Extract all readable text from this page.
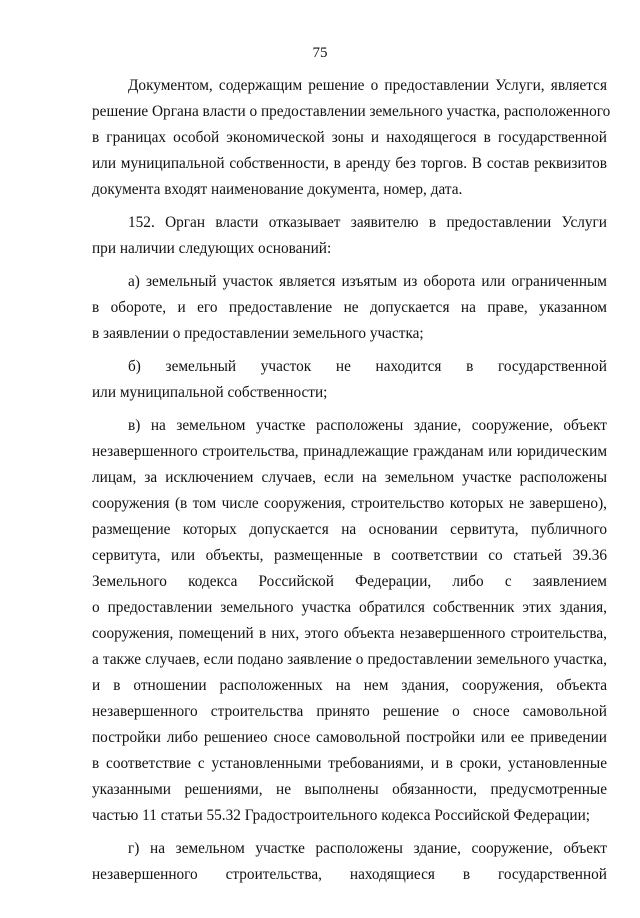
75
Документом, содержащим решение о предоставлении Услуги, является
решение Органа власти о предоставлении земельного участка, расположенного
в границах особой экономической зоны и находящегося в государственной
или муниципальной собственности, в аренду без торгов. В состав реквизитов
документа входят наименование документа, номер, дата.
152. Орган власти отказывает заявителю в предоставлении Услуги
при наличии следующих оснований:
а) земельный участок является изъятым из оборота или ограниченным
в обороте, и его предоставление не допускается на праве, указанном
в заявлении о предоставлении земельного участка;
б) земельный участок не находится в государственной
или муниципальной собственности;
в) на земельном участке расположены здание, сооружение, объект
незавершенного строительства, принадлежащие гражданам или юридическим
лицам, за исключением случаев, если на земельном участке расположены
сооружения (в том числе сооружения, строительство которых не завершено),
размещение которых допускается на основании сервитута, публичного
сервитута, или объекты, размещенные в соответствии со статьей 39.36
Земельного кодекса Российской Федерации, либо с заявлением
о предоставлении земельного участка обратился собственник этих здания,
сооружения, помещений в них, этого объекта незавершенного строительства,
а также случаев, если подано заявление о предоставлении земельного участка,
и в отношении расположенных на нем здания, сооружения, объекта
незавершенного строительства принято решение о сносе самовольной
постройки либо решениео сносе самовольной постройки или ее приведении
в соответствие с установленными требованиями, и в сроки, установленные
указанными решениями, не выполнены обязанности, предусмотренные
частью 11 статьи 55.32 Градостроительного кодекса Российской Федерации;
г) на земельном участке расположены здание, сооружение, объект
незавершенного строительства, находящиеся в государственной
